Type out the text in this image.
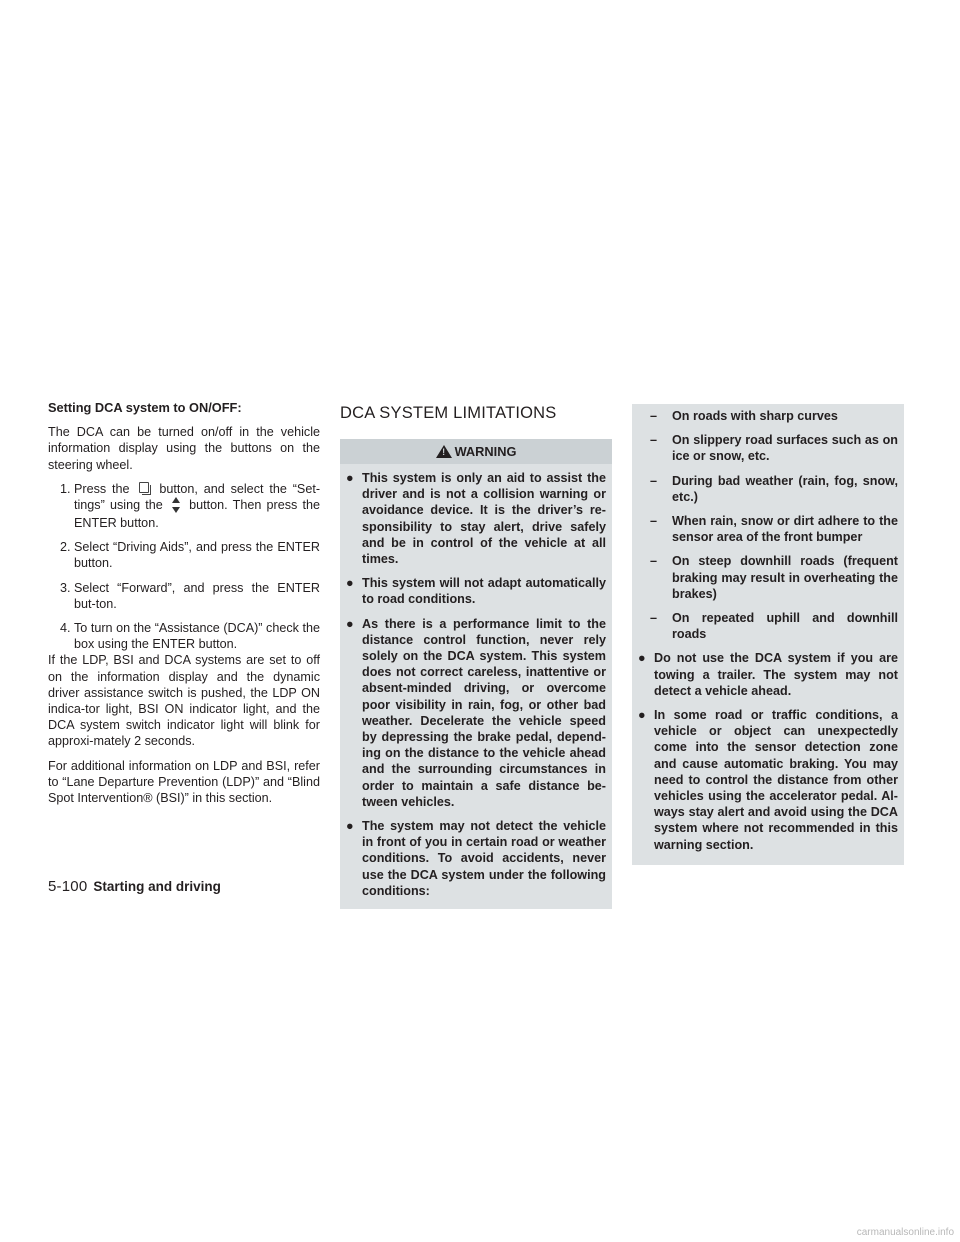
Setting DCA system to ON/OFF:

The DCA can be turned on/off in the vehicle information display using the buttons on the steering wheel.

1. Press the button, and select the “Set-tings” using the button. Then press the ENTER button.
2. Select “Driving Aids”, and press the ENTER button.
3. Select “Forward”, and press the ENTER but-ton.
4. To turn on the “Assistance (DCA)” check the box using the ENTER button.

If the LDP, BSI and DCA systems are set to off on the information display and the dynamic driver assistance switch is pushed, the LDP ON indica-tor light, BSI ON indicator light, and the DCA system switch indicator light will blink for approxi-mately 2 seconds.

For additional information on LDP and BSI, refer to “Lane Departure Prevention (LDP)” and “Blind Spot Intervention® (BSI)” in this section.

DCA SYSTEM LIMITATIONS
! WARNING
● This system is only an aid to assist the driver and is not a collision warning or avoidance device. It is the driver’s re-sponsibility to stay alert, drive safely and be in control of the vehicle at all times.
● This system will not adapt automatically to road conditions.
● As there is a performance limit to the distance control function, never rely solely on the DCA system. This system does not correct careless, inattentive or absent-minded driving, or overcome poor visibility in rain, fog, or other bad weather. Decelerate the vehicle speed by depressing the brake pedal, depend-ing on the distance to the vehicle ahead and the surrounding circumstances in order to maintain a safe distance be-tween vehicles.
● The system may not detect the vehicle in front of you in certain road or weather conditions. To avoid accidents, never use the DCA system under the following conditions:
– On roads with sharp curves
– On slippery road surfaces such as on ice or snow, etc.
– During bad weather (rain, fog, snow, etc.)
– When rain, snow or dirt adhere to the sensor area of the front bumper
– On steep downhill roads (frequent braking may result in overheating the brakes)
– On repeated uphill and downhill roads
● Do not use the DCA system if you are towing a trailer. The system may not detect a vehicle ahead.
● In some road or traffic conditions, a vehicle or object can unexpectedly come into the sensor detection zone and cause automatic braking. You may need to control the distance from other vehicles using the accelerator pedal. Al-ways stay alert and avoid using the DCA system where not recommended in this warning section.
5-100 Starting and driving
carmanualsonline.info
